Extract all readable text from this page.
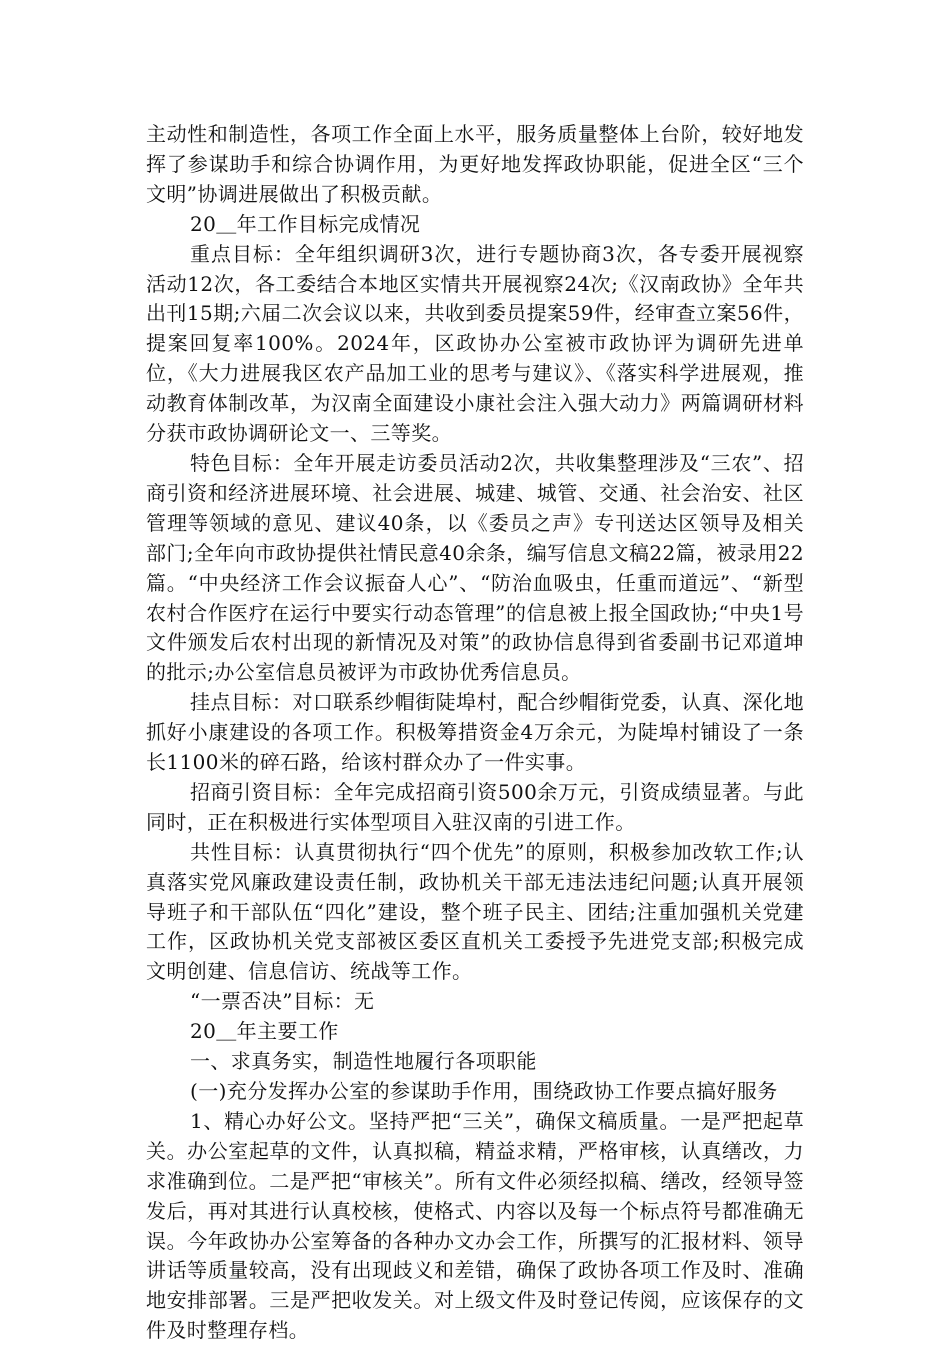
主动性和制造性，各项工作全面上水平，服务质量整体上台阶，较好地发挥了参谋助手和综合协调作用，为更好地发挥政协职能，促进全区“三个文明”协调进展做出了积极贡献。

20＿年工作目标完成情况

重点目标：全年组织调研3次，进行专题协商3次，各专委开展视察活动12次，各工委结合本地区实情共开展视察24次;《汉南政协》全年共出刊15期;六届二次会议以来，共收到委员提案59件，经审查立案56件，提案回复率100%。2024年，区政协办公室被市政协评为调研先进单位，《大力进展我区农产品加工业的思考与建议》、《落实科学进展观，推动教育体制改革，为汉南全面建设小康社会注入强大动力》两篇调研材料分获市政协调研论文一、三等奖。

特色目标：全年开展走访委员活动2次，共收集整理涉及“三农”、招商引资和经济进展环境、社会进展、城建、城管、交通、社会治安、社区管理等领域的意见、建议40条，以《委员之声》专刊送达区领导及相关部门;全年向市政协提供社情民意40余条，编写信息文稿22篇，被录用22篇。“中央经济工作会议振奋人心”、“防治血吸虫，任重而道远”、“新型农村合作医疗在运行中要实行动态管理”的信息被上报全国政协;“中央1号文件颁发后农村出现的新情况及对策”的政协信息得到省委副书记邓道坤的批示;办公室信息员被评为市政协优秀信息员。

挂点目标：对口联系纱帽街陡埠村，配合纱帽街党委，认真、深化地抓好小康建设的各项工作。积极筹措资金4万余元，为陡埠村铺设了一条长1100米的碎石路，给该村群众办了一件实事。

招商引资目标：全年完成招商引资500余万元，引资成绩显著。与此同时，正在积极进行实体型项目入驻汉南的引进工作。

共性目标：认真贯彻执行“四个优先”的原则，积极参加改软工作;认真落实党风廉政建设责任制，政协机关干部无违法违纪问题;认真开展领导班子和干部队伍“四化”建设，整个班子民主、团结;注重加强机关党建工作，区政协机关党支部被区委区直机关工委授予先进党支部;积极完成文明创建、信息信访、统战等工作。

“一票否决”目标：无

20＿年主要工作

一、求真务实，制造性地履行各项职能

(一)充分发挥办公室的参谋助手作用，围绕政协工作要点搞好服务

1、精心办好公文。坚持严把“三关”，确保文稿质量。一是严把起草关。办公室起草的文件，认真拟稿，精益求精，严格审核，认真缮改，力求准确到位。二是严把“审核关”。所有文件必须经拟稿、缮改，经领导签发后，再对其进行认真校核，使格式、内容以及每一个标点符号都准确无误。今年政协办公室筹备的各种办文办会工作，所撰写的汇报材料、领导讲话等质量较高，没有出现歧义和差错，确保了政协各项工作及时、准确地安排部署。三是严把收发关。对上级文件及时登记传阅，应该保存的文件及时整理存档。
